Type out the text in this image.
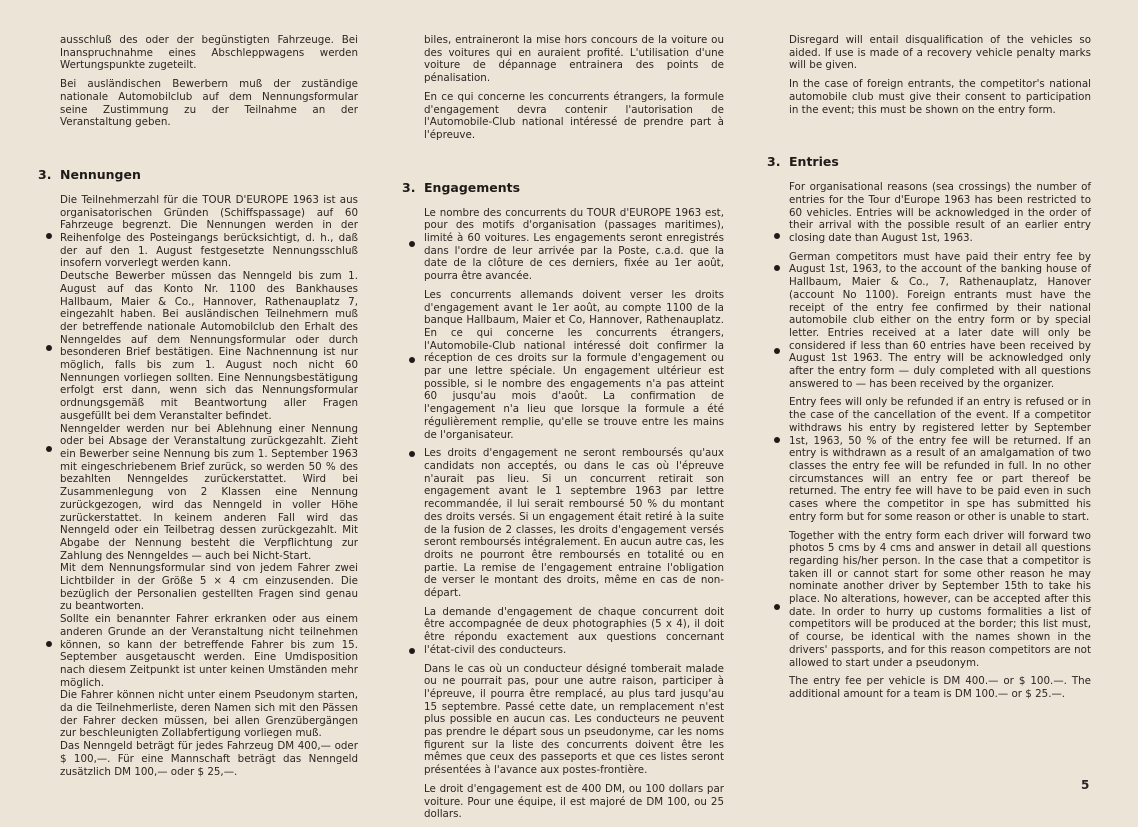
ausschluß des oder der begünstigten Fahrzeuge. Bei Inanspruchnahme eines Abschleppwagens werden Wertungspunkte zugeteilt.

Bei ausländischen Bewerbern muß der zuständige nationale Automobilclub auf dem Nennungsformular seine Zustimmung zu der Teilnahme an der Veranstaltung geben.

3. Nennungen

Die Teilnehmerzahl für die TOUR D'EUROPE 1963 ist aus organisatorischen Gründen (Schiffspassage) auf 60 Fahrzeuge begrenzt. Die Nennungen werden in der Reihenfolge des Posteingangs berücksichtigt, d. h., daß der auf den 1. August festgesetzte Nennungsschluß insofern vorverlegt werden kann.

Deutsche Bewerber müssen das Nenngeld bis zum 1. August auf das Konto Nr. 1100 des Bankhauses Hallbaum, Maier & Co., Hannover, Rathenauplatz 7, eingezahlt haben. Bei ausländischen Teilnehmern muß der betreffende nationale Automobilclub den Erhalt des Nenngeldes auf dem Nennungsformular oder durch besonderen Brief bestätigen. Eine Nachnennung ist nur möglich, falls bis zum 1. August noch nicht 60 Nennungen vorliegen sollten. Eine Nennungsbestätigung erfolgt erst dann, wenn sich das Nennungsformular ordnungsgemäß mit Beantwortung aller Fragen ausgefüllt bei dem Veranstalter befindet.

Nenngelder werden nur bei Ablehnung einer Nennung oder bei Absage der Veranstaltung zurückgezahlt. Zieht ein Bewerber seine Nennung bis zum 1. September 1963 mit eingeschriebenem Brief zurück, so werden 50 % des bezahlten Nenngeldes zurückerstattet. Wird bei Zusammenlegung von 2 Klassen eine Nennung zurückgezogen, wird das Nenngeld in voller Höhe zurückerstattet. In keinem anderen Fall wird das Nenngeld oder ein Teilbetrag dessen zurückgezahlt. Mit Abgabe der Nennung besteht die Verpflichtung zur Zahlung des Nenngeldes — auch bei Nicht-Start.

Mit dem Nennungsformular sind von jedem Fahrer zwei Lichtbilder in der Größe 5 × 4 cm einzusenden. Die bezüglich der Personalien gestellten Fragen sind genau zu beantworten.

Sollte ein benannter Fahrer erkranken oder aus einem anderen Grunde an der Veranstaltung nicht teilnehmen können, so kann der betreffende Fahrer bis zum 15. September ausgetauscht werden. Eine Umdisposition nach diesem Zeitpunkt ist unter keinen Umständen mehr möglich.

Die Fahrer können nicht unter einem Pseudonym starten, da die Teilnehmerliste, deren Namen sich mit den Pässen der Fahrer decken müssen, bei allen Grenzübergängen zur beschleunigten Zollabfertigung vorliegen muß.

Das Nenngeld beträgt für jedes Fahrzeug DM 400,— oder $ 100,—. Für eine Mannschaft beträgt das Nenngeld zusätzlich DM 100,— oder $ 25,—.

biles, entraineront la mise hors concours de la voiture ou des voitures qui en auraient profité. L'utilisation d'une voiture de dépannage entrainera des points de pénalisation.

En ce qui concerne les concurrents étrangers, la formule d'engagement devra contenir l'autorisation de l'Automobile-Club national intéressé de prendre part à l'épreuve.

3. Engagements

Le nombre des concurrents du TOUR d'EUROPE 1963 est, pour des motifs d'organisation (passages maritimes), limité à 60 voitures. Les engagements seront enregistrés dans l'ordre de leur arrivée par la Poste, c.a.d. que la date de la clôture de ces derniers, fixée au 1er août, pourra être avancée.

Les concurrents allemands doivent verser les droits d'engagement avant le 1er août, au compte 1100 de la banque Hallbaum, Maier et Co, Hannover, Rathenauplatz. En ce qui concerne les concurrents étrangers, l'Automobile-Club national intéressé doit confirmer la réception de ces droits sur la formule d'engagement ou par une lettre spéciale. Un engagement ultérieur est possible, si le nombre des engagements n'a pas atteint 60 jusqu'au mois d'août. La confirmation de l'engagement n'a lieu que lorsque la formule a été régulièrement remplie, qu'elle se trouve entre les mains de l'organisateur.

Les droits d'engagement ne seront remboursés qu'aux candidats non acceptés, ou dans le cas où l'épreuve n'aurait pas lieu. Si un concurrent retirait son engagement avant le 1 septembre 1963 par lettre recommandée, il lui serait remboursé 50 % du montant des droits versés. Si un engagement était retiré à la suite de la fusion de 2 classes, les droits d'engagement versés seront remboursés intégralement. En aucun autre cas, les droits ne pourront être remboursés en totalité ou en partie. La remise de l'engagement entraine l'obligation de verser le montant des droits, même en cas de non-départ.

La demande d'engagement de chaque concurrent doit être accompagnée de deux photographies (5 x 4), il doit être répondu exactement aux questions concernant l'état-civil des conducteurs.

Dans le cas où un conducteur désigné tomberait malade ou ne pourrait pas, pour une autre raison, participer à l'épreuve, il pourra être remplacé, au plus tard jusqu'au 15 septembre. Passé cette date, un remplacement n'est plus possible en aucun cas. Les conducteurs ne peuvent pas prendre le départ sous un pseudonyme, car les noms figurent sur la liste des concurrents doivent être les mêmes que ceux des passeports et que ces listes seront présentées à l'avance aux postes-frontière.

Le droit d'engagement est de 400 DM, ou 100 dollars par voiture. Pour une équipe, il est majoré de DM 100, ou 25 dollars.

Disregard will entail disqualification of the vehicles so aided. If use is made of a recovery vehicle penalty marks will be given.

In the case of foreign entrants, the competitor's national automobile club must give their consent to participation in the event; this must be shown on the entry form.

3. Entries

For organisational reasons (sea crossings) the number of entries for the Tour d'Europe 1963 has been restricted to 60 vehicles. Entries will be acknowledged in the order of their arrival with the possible result of an earlier entry closing date than August 1st, 1963.

German competitors must have paid their entry fee by August 1st, 1963, to the account of the banking house of Hallbaum, Maier & Co., 7, Rathenauplatz, Hanover (account No 1100). Foreign entrants must have the receipt of the entry fee confirmed by their national automobile club either on the entry form or by special letter. Entries received at a later date will only be considered if less than 60 entries have been received by August 1st 1963. The entry will be acknowledged only after the entry form — duly completed with all questions answered to — has been received by the organizer.

Entry fees will only be refunded if an entry is refused or in the case of the cancellation of the event. If a competitor withdraws his entry by registered letter by September 1st, 1963, 50 % of the entry fee will be returned. If an entry is withdrawn as a result of an amalgamation of two classes the entry fee will be refunded in full. In no other circumstances will an entry fee or part thereof be returned. The entry fee will have to be paid even in such cases where the competitor in spe has submitted his entry form but for some reason or other is unable to start.

Together with the entry form each driver will forward two photos 5 cms by 4 cms and answer in detail all questions regarding his/her person. In the case that a competitor is taken ill or cannot start for some other reason he may nominate another driver by September 15th to take his place. No alterations, however, can be accepted after this date. In order to hurry up customs formalities a list of competitors will be produced at the border; this list must, of course, be identical with the names shown in the drivers' passports, and for this reason competitors are not allowed to start under a pseudonym.

The entry fee per vehicle is DM 400.— or $ 100.—. The additional amount for a team is DM 100.— or $ 25.—.

5
